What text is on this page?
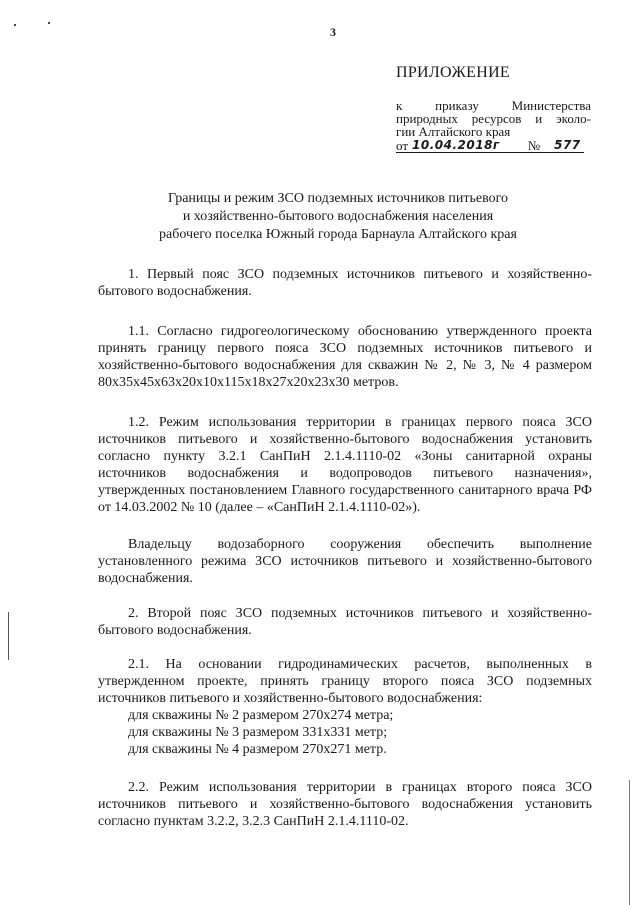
3
ПРИЛОЖЕНИЕ
к приказу Министерства
природных ресурсов и эколо-
гии Алтайского края
от 10.04.2018г № 577
Границы и режим ЗСО подземных источников питьевого
и хозяйственно-бытового водоснабжения населения
рабочего поселка Южный города Барнаула Алтайского края

1. Первый пояс ЗСО подземных источников питьевого и хозяйственно-бытового водоснабжения.

1.1. Согласно гидрогеологическому обоснованию утвержденного проекта принять границу первого пояса ЗСО подземных источников питьевого и хозяйственно-бытового водоснабжения для скважин № 2, № 3, № 4 размером 80х35х45х63х20х10х115х18х27х20х23х30 метров.

1.2. Режим использования территории в границах первого пояса ЗСО источников питьевого и хозяйственно-бытового водоснабжения установить согласно пункту 3.2.1 СанПиН 2.1.4.1110-02 «Зоны санитарной охраны источников водоснабжения и водопроводов питьевого назначения», утвержденных постановлением Главного государственного санитарного врача РФ от 14.03.2002 № 10 (далее – «СанПиН 2.1.4.1110-02»).

Владельцу водозаборного сооружения обеспечить выполнение установленного режима ЗСО источников питьевого и хозяйственно-бытового водоснабжения.

2. Второй пояс ЗСО подземных источников питьевого и хозяйственно-бытового водоснабжения.

2.1. На основании гидродинамических расчетов, выполненных в утвержденном проекте, принять границу второго пояса ЗСО подземных источников питьевого и хозяйственно-бытового водоснабжения:

для скважины № 2 размером 270х274 метра;

для скважины № 3 размером 331х331 метр;

для скважины № 4 размером 270х271 метр.

2.2. Режим использования территории в границах второго пояса ЗСО источников питьевого и хозяйственно-бытового водоснабжения установить согласно пунктам 3.2.2, 3.2.3 СанПиН 2.1.4.1110-02.
